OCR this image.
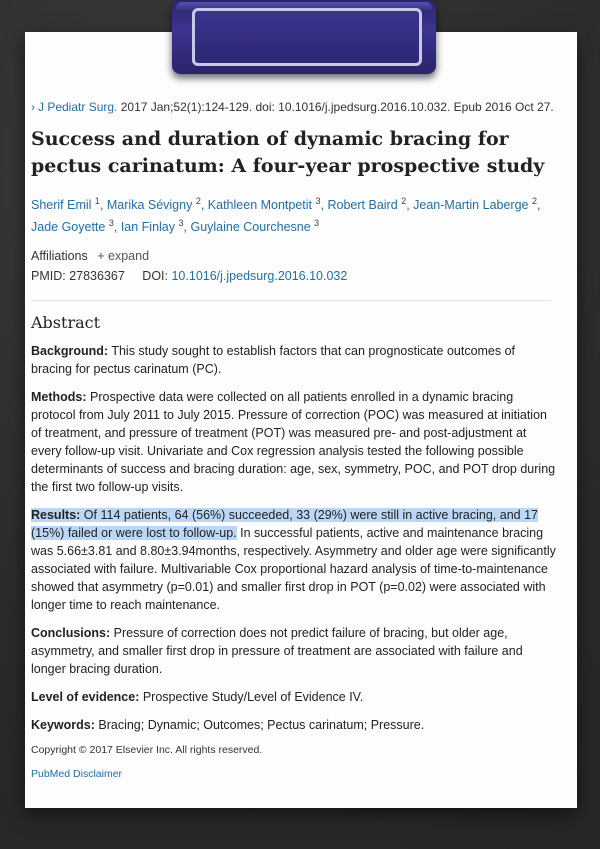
› J Pediatr Surg. 2017 Jan;52(1):124-129. doi: 10.1016/j.jpedsurg.2016.10.032. Epub 2016 Oct 27.
Success and duration of dynamic bracing for pectus carinatum: A four-year prospective study
Sherif Emil $^1$, Marika Sévigny $^2$, Kathleen Montpetit $^3$, Robert Baird $^2$, Jean-Martin Laberge $^2$, Jade Goyette $^3$, Ian Finlay $^3$, Guylaine Courchesne $^3$
Affiliations + expand
PMID: 27836367 DOI: 10.1016/j.jpedsurg.2016.10.032
Abstract

Background: This study sought to establish factors that can prognosticate outcomes of bracing for pectus carinatum (PC).

Methods: Prospective data were collected on all patients enrolled in a dynamic bracing protocol from July 2011 to July 2015. Pressure of correction (POC) was measured at initiation of treatment, and pressure of treatment (POT) was measured pre- and post-adjustment at every follow-up visit. Univariate and Cox regression analysis tested the following possible determinants of success and bracing duration: age, sex, symmetry, POC, and POT drop during the first two follow-up visits.

Results: Of 114 patients, 64 (56%) succeeded, 33 (29%) were still in active bracing, and 17 (15%) failed or were lost to follow-up. In successful patients, active and maintenance bracing was 5.66±3.81 and 8.80±3.94months, respectively. Asymmetry and older age were significantly associated with failure. Multivariable Cox proportional hazard analysis of time-to-maintenance showed that asymmetry (p=0.01) and smaller first drop in POT (p=0.02) were associated with longer time to reach maintenance.

Conclusions: Pressure of correction does not predict failure of bracing, but older age, asymmetry, and smaller first drop in pressure of treatment are associated with failure and longer bracing duration.

Level of evidence: Prospective Study/Level of Evidence IV.

Keywords: Bracing; Dynamic; Outcomes; Pectus carinatum; Pressure.

Copyright © 2017 Elsevier Inc. All rights reserved.
PubMed Disclaimer
